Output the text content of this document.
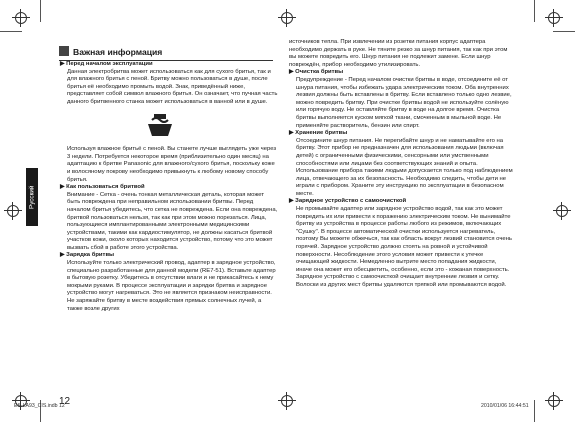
Русский
Важная информация
▶ Перед началом эксплуатации

Данная электробритва может использоваться как для сухого бритья, так и для влажного бритья с пеной. Бритву можно пользоваться в душе, после бритья её необходимо промыть водой. Знак, приведённый ниже, представляет собой символ влажного бритья. Он означает, что пучная часть данного бритвенного станка может использоваться в ванной или в душе.

Используя влажное бритьё с пеной. Вы станете лучше выглядеть уже через 3 недели. Потребуется некоторое время (приблизительно один месяц) на адаптацию к бритве Panasonic для влажного/сухого бритья, поскольку коже и волосяному покрову необходимо привыкнуть к любому новому способу бритья.

▶ Как пользоваться бритвой

Внимание - Сетка - очень тонкая металлическая деталь, которая может быть повреждена при неправильном использовании бритвы. Перед началом бритья убедитесь, что сетка не повреждена. Если она повреждена, бритвой пользоваться нельзя, так как при этом можно порезаться. Лица, пользующиеся имплантированными электронными медицинскими устройствами, такими как кардиостимулятор, не должны касаться бритвой участков кожи, около которых находится устройство, потому что это может вызвать сбой в работе этого устройства.

▶ Зарядка бритвы

Используйте только электрический провод, адаптер в зарядное устройство, специально разработанные для данной модели (RE7-51). Вставьте адаптер в бытовую розетку. Убедитесь в отсутствии влаги и не прикасайтесь к нему мокрыми руками. В процессе эксплуатации и зарядки бритва и зарядное устройство могут нагреваться. Это не является признаком неисправности. Не заряжайте бритву в месте воздействия прямых солнечных лучей, а также возле других

источников тепла. При извлечении из розетки питания корпус адаптера необходимо держать в руке. Не тяните резко за шнур питания, так как при этом вы можете повредить его. Шнур питания не подлежит замене. Если шнур повреждён, прибор необходимо утилизировать.

▶ Очистка бритвы

Предупреждение - Перед началом очистки бритвы в воде, отсоедините её от шнура питания, чтобы избежать удара электрическим током. Оба внутренних лезвия должны быть вставлены в бритву. Если вставлено только одно лезвие, можно повредить бритву. При очистке бритвы водой не используйте солёную или горячую воду. Не оставляйте бритву в воде на долгое время. Очистка бритвы выполняется куском мягкой ткани, смоченным в мыльной воде. Не применяйте растворитель, бензин или спирт.

▶ Хранение бритвы

Отсоедините шнур питания. Не перегибайте шнур и не наматывайте его на бритву. Этот прибор не предназначен для использования людьми (включая детей) с ограниченными физическими, сенсорными или умственными способностями или лицами без соответствующих знаний и опыта. Использование прибора такими людьми допускается только под наблюдением лица, отвечающего за их безопасность. Необходимо следить, чтобы дети не играли с прибором. Храните эту инструкцию по эксплуатации в безопасном месте.

▶ Зарядное устройство с самоочисткой

Не промывайте адаптер или зарядное устройство водой, так как это может повредить их или привести к поражению электрическим током. Не вынимайте бритву из устройства в процессе работы любого из режимов, включающих "Сушку". В процессе автоматической очистки используется нагреватель, поэтому Вы можете обжечься, так как область вокруг лезвий становится очень горячей. Зарядное устройство должно стоять на ровной и устойчивой поверхности. Несоблюдение этого условия может привести к утечке очищающей жидкости. Немедленно вытрите место попадания жидкости, иначе она может его обесцветить, особенно, если это - кожаная поверхность. Зарядное устройство с самоочисткой очищает внутренние лезвия и сетку. Волоски из других мест бритвы удаляются тряпкой или промываются водой.

12
ES-LA93_CIS.indb 12	2010/01/06 16:44:51
